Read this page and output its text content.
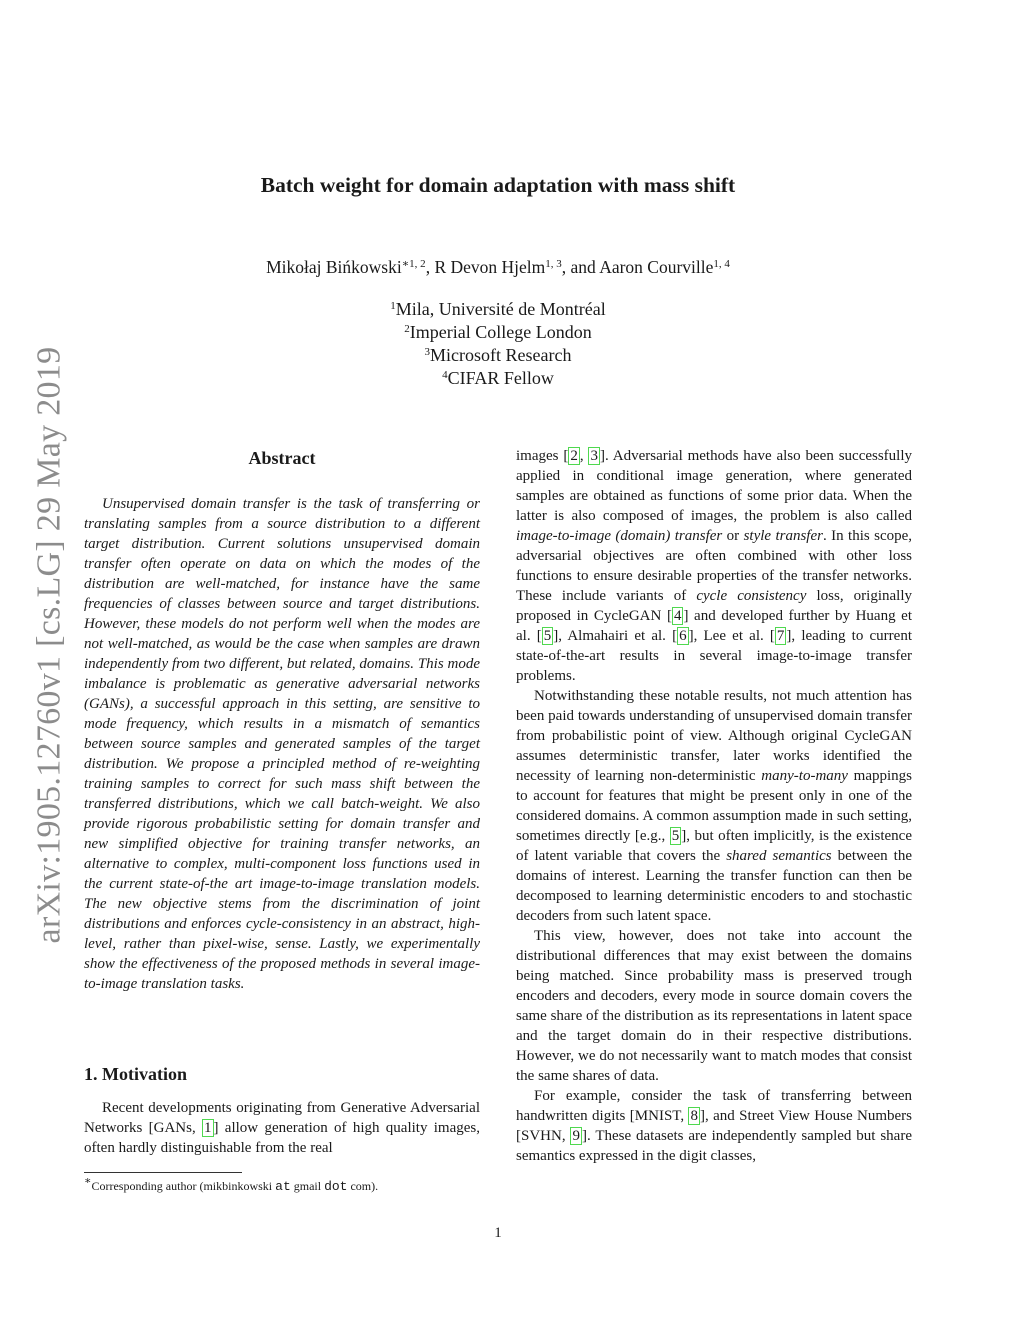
arXiv:1905.12760v1 [cs.LG] 29 May 2019
Batch weight for domain adaptation with mass shift
Mikołaj Bińkowski$^{∗1, 2}$, R Devon Hjelm$^{1, 3}$, and Aaron Courville$^{1, 4}$
$^1$Mila, Université de Montréal
$^2$Imperial College London
$^3$Microsoft Research
$^4$CIFAR Fellow
Abstract

Unsupervised domain transfer is the task of transferring or translating samples from a source distribution to a different target distribution. Current solutions unsupervised domain transfer often operate on data on which the modes of the distribution are well-matched, for instance have the same frequencies of classes between source and target distributions. However, these models do not perform well when the modes are not well-matched, as would be the case when samples are drawn independently from two different, but related, domains. This mode imbalance is problematic as generative adversarial networks (GANs), a successful approach in this setting, are sensitive to mode frequency, which results in a mismatch of semantics between source samples and generated samples of the target distribution. We propose a principled method of re-weighting training samples to correct for such mass shift between the transferred distributions, which we call batch-weight. We also provide rigorous probabilistic setting for domain transfer and new simplified objective for training transfer networks, an alternative to complex, multi-component loss functions used in the current state-of-the art image-to-image translation models. The new objective stems from the discrimination of joint distributions and enforces cycle-consistency in an abstract, high-level, rather than pixel-wise, sense. Lastly, we experimentally show the effectiveness of the proposed methods in several image-to-image translation tasks.

1. Motivation

Recent developments originating from Generative Adversarial Networks [GANs, 1 ] allow generation of high quality images, often hardly distinguishable from the real

∗Corresponding author (mikbinkowski at gmail dot com).

images [ 2 , 3 ]. Adversarial methods have also been successfully applied in conditional image generation, where generated samples are obtained as functions of some prior data. When the latter is also composed of images, the problem is also called image-to-image (domain) transfer or style transfer. In this scope, adversarial objectives are often combined with other loss functions to ensure desirable properties of the transfer networks. These include variants of cycle consistency loss, originally proposed in CycleGAN [ 4 ] and developed further by Huang et al. [ 5 ], Almahairi et al. [ 6 ], Lee et al. [ 7 ], leading to current state-of-the-art results in several image-to-image transfer problems.

Notwithstanding these notable results, not much attention has been paid towards understanding of unsupervised domain transfer from probabilistic point of view. Although original CycleGAN assumes deterministic transfer, later works identified the necessity of learning non-deterministic many-to-many mappings to account for features that might be present only in one of the considered domains. A common assumption made in such setting, sometimes directly [e.g., 5 ], but often implicitly, is the existence of latent variable that covers the shared semantics between the domains of interest. Learning the transfer function can then be decomposed to learning deterministic encoders to and stochastic decoders from such latent space.

This view, however, does not take into account the distributional differences that may exist between the domains being matched. Since probability mass is preserved trough encoders and decoders, every mode in source domain covers the same share of the distribution as its representations in latent space and the target domain do in their respective distributions. However, we do not necessarily want to match modes that consist the same shares of data.

For example, consider the task of transferring between handwritten digits [MNIST, 8 ], and Street View House Numbers [SVHN, 9 ]. These datasets are independently sampled but share semantics expressed in the digit classes,

1
